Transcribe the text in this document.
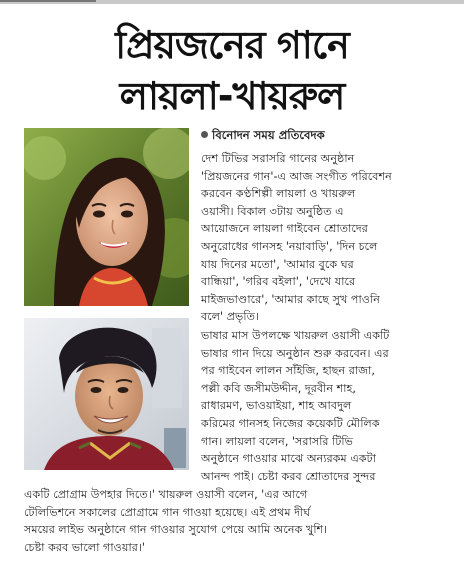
প্রিয়জনের গানে
লায়লা-খায়রুল
বিনোদন সময় প্রতিবেদক
দেশ টিভির সরাসরি গানের অনুষ্ঠান
'প্রিয়জনের গান'-এ আজ সংগীত পরিবেশন
করবেন কণ্ঠশিল্পী লায়লা ও খায়রুল
ওয়াসী। বিকাল ৩টায় অনুষ্ঠিত এ
আয়োজনে লায়লা গাইবেন শ্রোতাদের
অনুরোধের গানসহ 'নয়াবাড়ি', 'দিন চলে
যায় দিনের মতো', 'আমার বুকে ঘর
বান্ধিয়া', 'গরিব বইলা', 'দেখে যারে
মাইজভাণ্ডারে', 'আমার কাছে সুখ পাওনি
বলে' প্রভৃতি।
ভাষার মাস উপলক্ষে খায়রুল ওয়াসী একটি
ভাষার গান দিয়ে অনুষ্ঠান শুরু করবেন। এর
পর গাইবেন লালন সাঁইজি, হাছন রাজা,
পল্লী কবি জসীমউদ্দীন, দূরবীন শাহ,
রাধারমণ, ভাওয়াইয়া, শাহ আবদুল
করিমের গানসহ নিজের কয়েকটি মৌলিক
গান। লায়লা বলেন, 'সরাসরি টিভি
অনুষ্ঠানে গাওয়ার মাঝে অন্যরকম একটা
আনন্দ পাই। চেষ্টা করব শ্রোতাদের সুন্দর
একটি প্রোগ্রাম উপহার দিতে।' খায়রুল ওয়াসী বলেন, 'এর আগে
টেলিভিশনে সকালের প্রোগ্রামে গান গাওয়া হয়েছে। এই প্রথম দীর্ঘ
সময়ের লাইভ অনুষ্ঠানে গান গাওয়ার সুযোগ পেয়ে আমি অনেক খুশি।
চেষ্টা করব ভালো গাওয়ার।'
